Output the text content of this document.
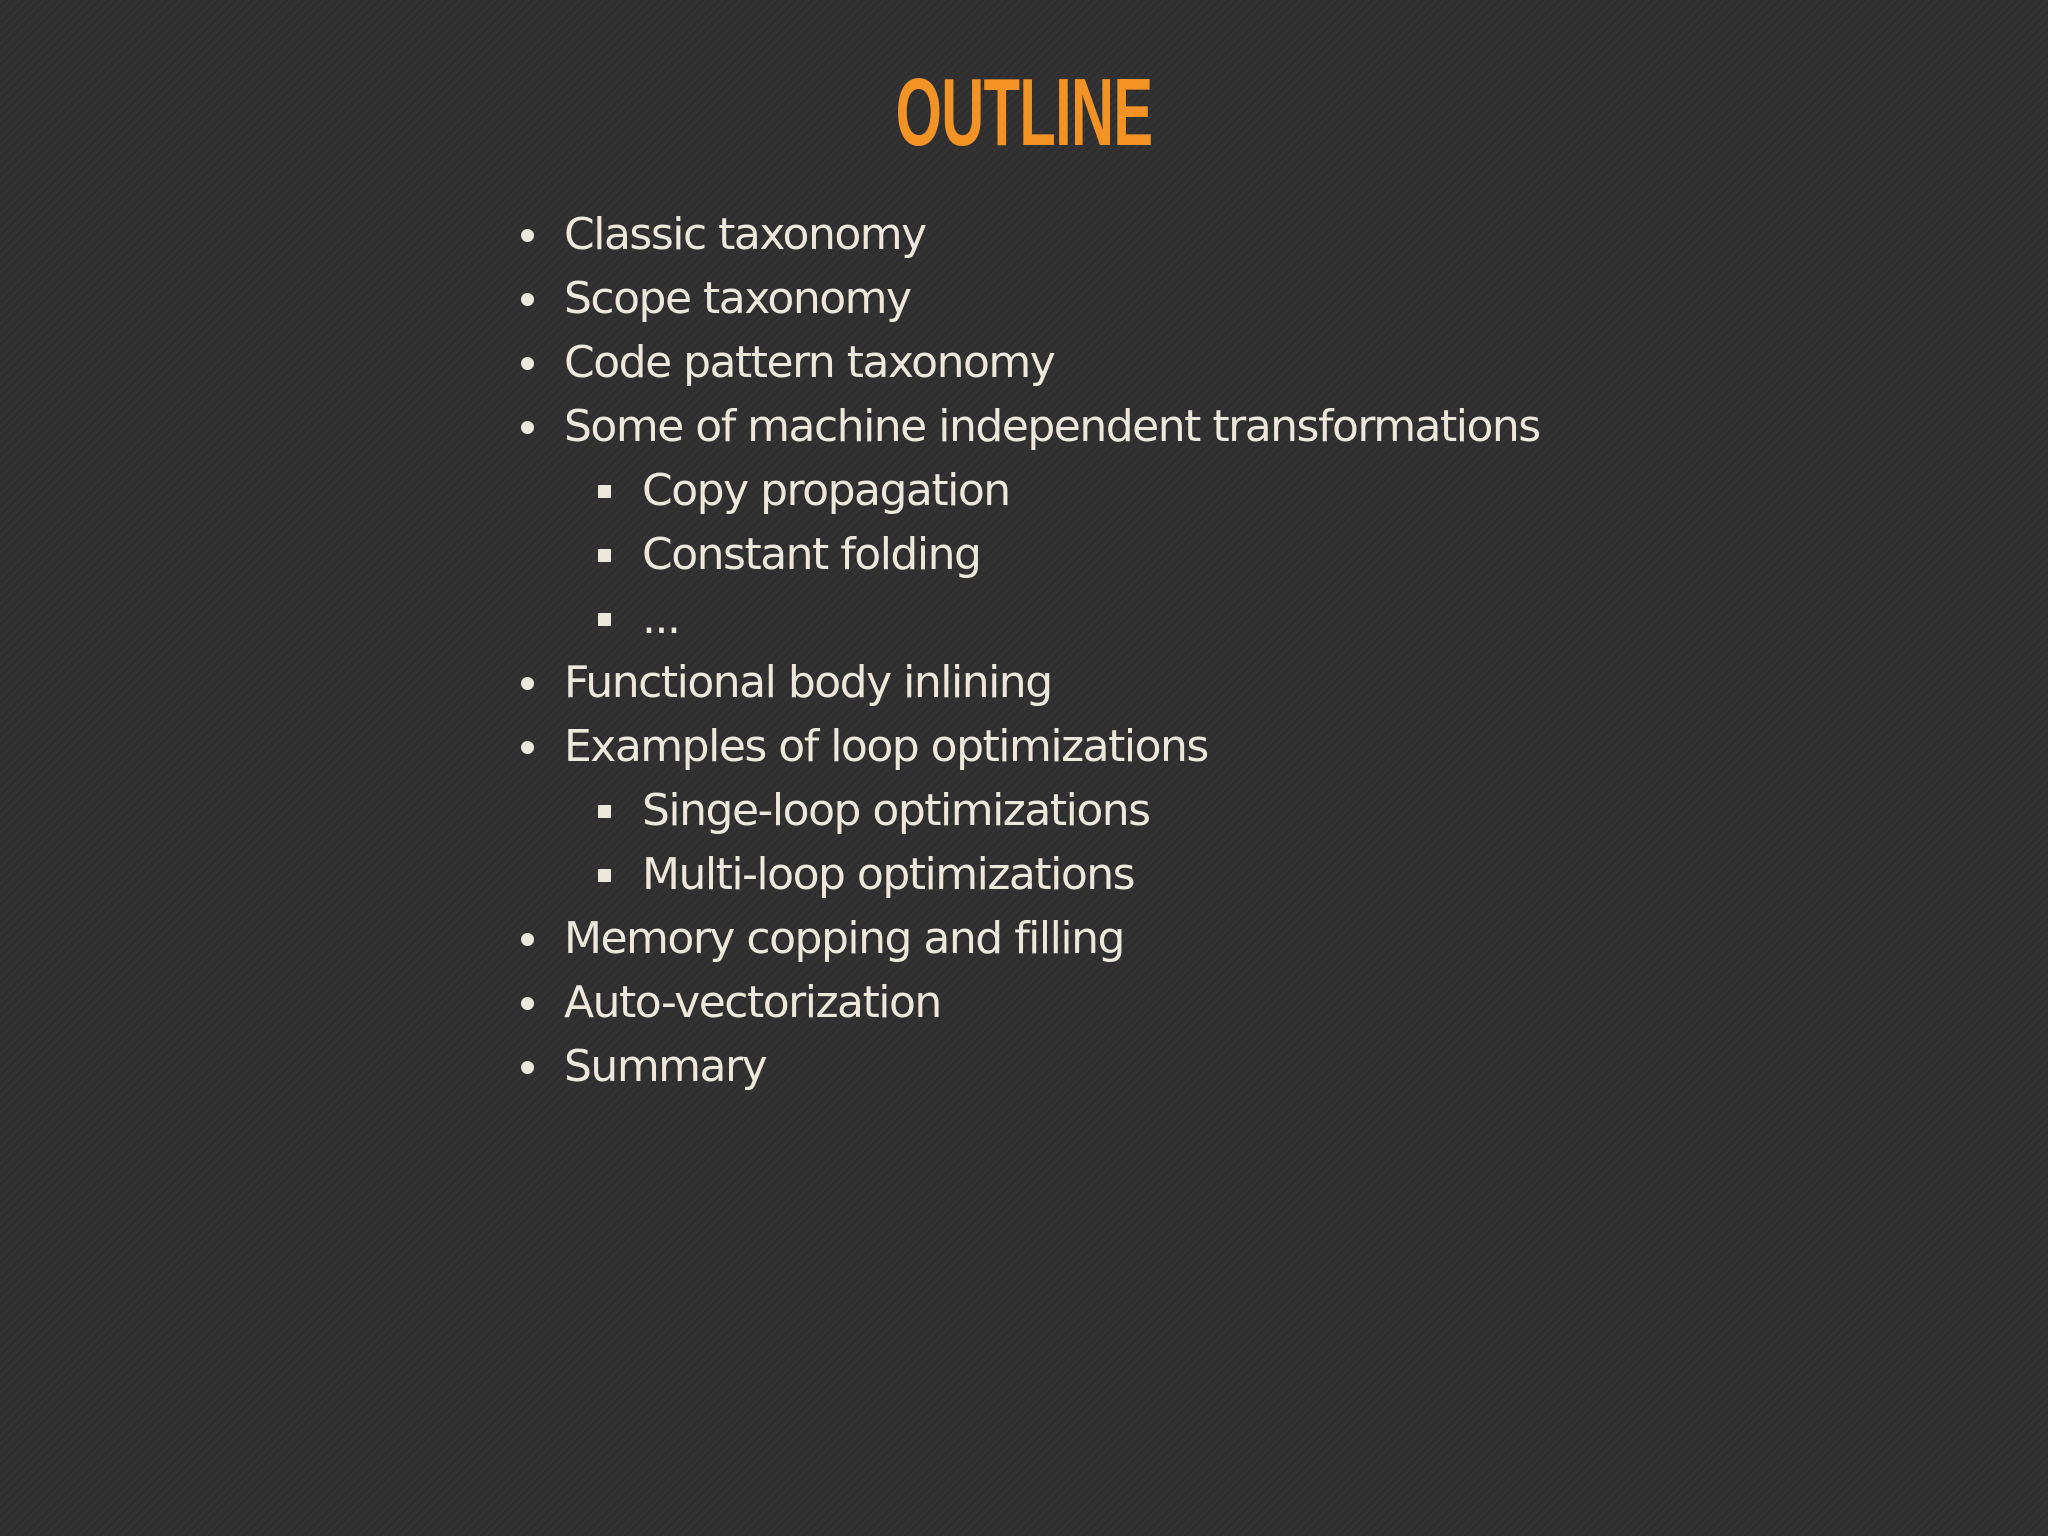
OUTLINE
Classic taxonomy
Scope taxonomy
Code pattern taxonomy
Some of machine independent transformations
Copy propagation
Constant folding
...
Functional body inlining
Examples of loop optimizations
Singe-loop optimizations
Multi-loop optimizations
Memory copping and filling
Auto-vectorization
Summary
